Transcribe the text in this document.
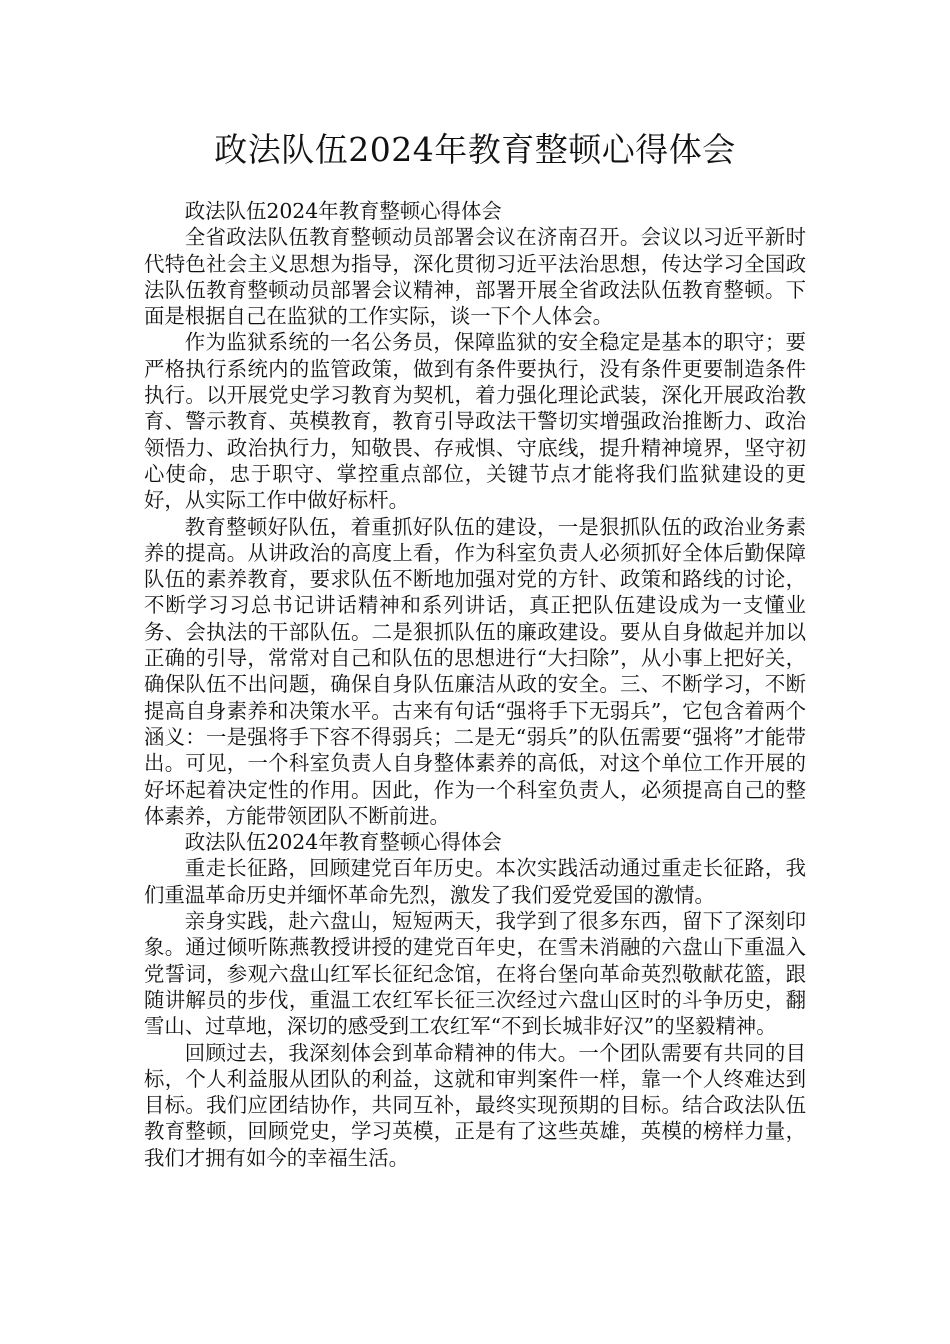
政法队伍2024年教育整顿心得体会

政法队伍2024年教育整顿心得体会

全省政法队伍教育整顿动员部署会议在济南召开。会议以习近平新时代特色社会主义思想为指导，深化贯彻习近平法治思想，传达学习全国政法队伍教育整顿动员部署会议精神，部署开展全省政法队伍教育整顿。下面是根据自己在监狱的工作实际，谈一下个人体会。

作为监狱系统的一名公务员，保障监狱的安全稳定是基本的职守；要严格执行系统内的监管政策，做到有条件要执行，没有条件更要制造条件执行。以开展党史学习教育为契机，着力强化理论武装，深化开展政治教育、警示教育、英模教育，教育引导政法干警切实增强政治推断力、政治领悟力、政治执行力，知敬畏、存戒惧、守底线，提升精神境界，坚守初心使命，忠于职守、掌控重点部位，关键节点才能将我们监狱建设的更好，从实际工作中做好标杆。

教育整顿好队伍，着重抓好队伍的建设，一是狠抓队伍的政治业务素养的提高。从讲政治的高度上看，作为科室负责人必须抓好全体后勤保障队伍的素养教育，要求队伍不断地加强对党的方针、政策和路线的讨论，不断学习习总书记讲话精神和系列讲话，真正把队伍建设成为一支懂业务、会执法的干部队伍。二是狠抓队伍的廉政建设。要从自身做起并加以正确的引导，常常对自己和队伍的思想进行“大扫除”，从小事上把好关，确保队伍不出问题，确保自身队伍廉洁从政的安全。三、不断学习，不断提高自身素养和决策水平。古来有句话“强将手下无弱兵”，它包含着两个涵义：一是强将手下容不得弱兵；二是无“弱兵”的队伍需要“强将”才能带出。可见，一个科室负责人自身整体素养的高低，对这个单位工作开展的好坏起着决定性的作用。因此，作为一个科室负责人，必须提高自己的整体素养，方能带领团队不断前进。

政法队伍2024年教育整顿心得体会

重走长征路，回顾建党百年历史。本次实践活动通过重走长征路，我们重温革命历史并缅怀革命先烈，激发了我们爱党爱国的激情。

亲身实践，赴六盘山，短短两天，我学到了很多东西，留下了深刻印象。通过倾听陈燕教授讲授的建党百年史，在雪未消融的六盘山下重温入党誓词，参观六盘山红军长征纪念馆，在将台堡向革命英烈敬献花篮，跟随讲解员的步伐，重温工农红军长征三次经过六盘山区时的斗争历史，翻雪山、过草地，深切的感受到工农红军“不到长城非好汉”的坚毅精神。

回顾过去，我深刻体会到革命精神的伟大。一个团队需要有共同的目标，个人利益服从团队的利益，这就和审判案件一样，靠一个人终难达到目标。我们应团结协作，共同互补，最终实现预期的目标。结合政法队伍教育整顿，回顾党史，学习英模，正是有了这些英雄，英模的榜样力量，我们才拥有如今的幸福生活。
